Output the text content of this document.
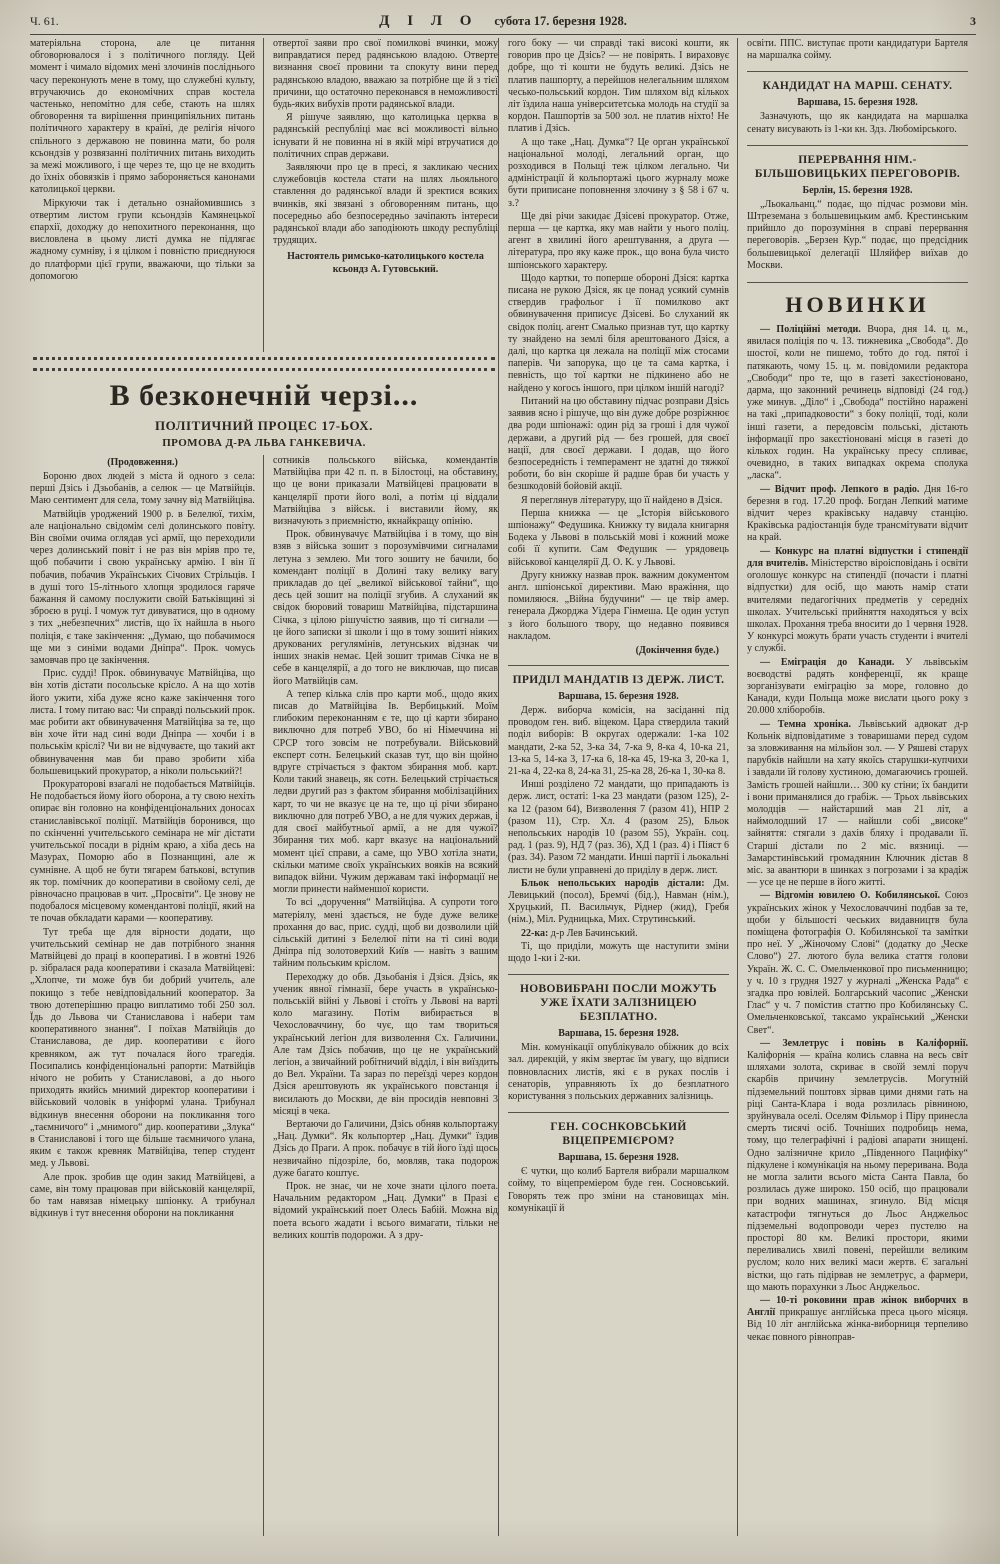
Ч. 61.	Д І Л О субота 17. березня 1928.	3

матеріяльна сторона, але це питання обговорювалося і з політичного погляду. Цей момент і чимало відомих мені злочинів посліднього часу переконують мене в тому, що служебні культу, втручаючись до економічних справ костела частенько, непомітно для себе, стають на шлях обговорення та вирішення принципіяльних питань політичного характеру в країні, де релігія нічого спільного з державою не повинна мати, бо роля ксьондзів у розвязанні політичних питань виходить за межі можливого, і ще через те, що це не входить до їхніх обовязків і прямо забороняється канонами католицької церкви.

Міркуючи так і детально ознайомившись з отвертим листом групи ксьондзів Камянецької єпархії, доходжу до непохитного переконання, що висловлена в цьому листі думка не підлягає жадному сумніву, і я цілком і повністю приєднуюся до платформи цієї групи, вважаючи, що тільки за допомогою

отвертої заяви про свої помилкові вчинки, можу виправдатися перед радянською владою. Отверте визнання своєї провини та спокуту вини перед радянською владою, вважаю за потрібне ще й з тієї причини, що остаточно переконався в неможливості будь-яких вибухів проти радянської влади.

Я рішуче заявляю, що католицька церква в радянській республіці має всі можливості вільно існувати й не повинна ні в якій мірі втручатися до політичних справ держави.

Заявляючи про це в пресі, я закликаю чесних служебовців костела стати на шлях льояльного ставлення до радянської влади й зректися всяких вчинків, які звязані з обговоренням питань, що посередньо або безпосередньо зачіпають інтереси радянської влади або заподіюють шкоду республіці трудящих.

Настоятель римсько-католицького костела ксьондз А. Гутовський.

В безконечній черзі...
ПОЛІТИЧНИЙ ПРОЦЕС 17-ЬОХ.
ПРОМОВА Д-РА ЛЬВА ГАНКЕВИЧА.

(Продовження.)

Бороню двох людей з міста й одного з села: перші Дзісь і Дзьобанів, а селюк — це Матвійців. Маю сентимент для села, тому зачну від Матвійціва.

Матвійців уроджений 1900 р. в Белелюї, тихім, але національно свідомім селі долинського повіту. Він своїми очима оглядав усі армії, що переходили через долинський повіт і не раз він мріяв про те, щоб побачити і свою українську армію. І він її побачив, побачив Українських Січових Стрільців. І в душі того 15-літнього хлопця зродилося гаряче бажання й самому послужити своїй Батьківщині зі зброєю в руці. І чомуж тут дивуватися, що в одному з тих „небезпечних“ листів, що їх найшла в нього поліція, є таке закінчення: „Думаю, що побачимося ще ми з синіми водами Дніпра“. Прок. чомусь замовчав про це закінчення.

Прис. судді! Прок. обвинувачує Матвійціва, що він хотів дістати посольське крісло. А на що хотів його ужити, хіба дуже ясно каже закінчення того листа. І тому питаю вас: Чи справді польський прок. має робити акт обвинувачення Матвійціва за те, що він хоче йти над сині води Дніпра — хочби і в польськім кріслі? Чи ви не відчуваєте, що такий акт обвинувачення мав би право зробити хіба большевицький прокуратор, а ніколи польський?!

Прокураторові взагалі не подобається Матвійців. Не подобається йому його оборона, а ту свою нехіть опирає він головно на конфіденціональних доносах станиславівської поліції. Матвійців боронився, що по скінченні учительського семінара не міг дістати учительської посади в ріднім краю, а хіба десь на Мазурах, Поморю або в Познанщині, але ж сумнівне. А щоб не бути тягарем батькові, вступив як тор. помічник до кооперативи в свойому селі, де рівночасно працював в чит. „Просвіти“. Це знову не подобалося місцевому комендантові поліції, який на те почав обкладати карами — кооперативу.

Тут треба ще для вірности додати, що учительський семінар не дав потрібного знання Матвійцеві до праці в кооперативі. І в жовтні 1926 р. зібралася рада кооперативи і сказала Матвійцеві: „Хлопче, ти може був би добрий учитель, але покищо з тебе невідповідальний кооператор. За твою дотеперішню працю виплатимо тобі 250 зол. Їдь до Львова чи Станиславова і набери там кооперативного знання“. І поїхав Матвійців до Станиславова, де дир. кооперативи є його кревняком, аж тут почалася його трагедія. Посипались конфіденціональні рапорти: Матвійців нічого не робить у Станиславові, а до нього приходять якийсь мнимий директор кооперативи і військовий чоловік в уніформі улана. Трибунал відкинув внесення оборони на покликання того „таємничого“ і „мнимого“ дир. кооперативи „Злука“ в Станиславові і того ще більше таємничого улана, яким є також кревняк Матвійціва, тепер студент мед. у Львові.

Але прок. зробив ще один закид Матвійцеві, а саме, він тому працював при військовій канцелярії, бо там навязав німецьку шпіонку. А трибунал відкинув і тут внесення оборони на покликання

сотників польського війська, комендантів Матвійціва при 42 п. п. в Білостоці, на обставину, що це вони приказали Матвійцеві працювати в канцелярії проти його волі, а потім ці віддали Матвійціва з військ. і виставили йому, як визначують з приємністю, якнайкращу опінію.

Прок. обвинувачує Матвійціва і в тому, що він взяв з війська зошит з порозумівчими сигналами летуна з землею. Ми того зошиту не бачили, бо комендант поліції в Долині таку велику вагу прикладав до цеї „великої військової тайни“, що десь цей зошит на поліції згубив. А слуханий як свідок бюровий товариш Матвійціва, підстаршина Січка, з цілою рішучістю заявив, що ті сигнали — це його записки зі школи і що в тому зошиті ніяких друкованих регулямінів, летунських відзнак чи інших знаків немає. Цей зошит тримав Січка не в себе в канцелярії, а до того не виключав, що писав його Матвійців сам.

А тепер кілька слів про карти моб., щодо яких писав до Матвійціва Ів. Вербицький. Моїм глибоким переконанням є те, що ці карти збирано виключно для потреб УВО, бо ні Німеччина ні СРСР того зовсім не потребували. Військовий експерт сотн. Белецький сказав тут, що він щойно вдруге стрічається з фактом збирання моб. карт. Коли такий знавець, як сотн. Белецький стрічається ледви другий раз з фактом збирання мобілізаційних карт, то чи не вказує це на те, що ці річи збирано виключно для потреб УВО, а не для чужих держав, і для своєї майбутньої армії, а не для чужої? Збирання тих моб. карт вказує на національний момент цієї справи, а саме, що УВО хотіла знати, скільки матиме своїх українських вояків на всякий випадок війни. Чужим державам такі інформації не могли принести найменшої користи.

То всі „доручення“ Матвійціва. А супроти того матеріялу, мені здається, не буде дуже велике прохання до вас, прис. судді, щоб ви дозволили цій сільській дитині з Белелюї піти на ті сині води Дніпра під золотоверхий Київ — навіть з вашим тайним польським кріслом.

Переходжу до обв. Дзьобанія і Дзіся. Дзісь, як ученик явної гімназії, бере участь в українсько-польській війні у Львові і стоїть у Львові на варті коло магазину. Потім вибирається в Чехословаччину, бо чує, що там твориться український легіон для визволення Сх. Галичини. Але там Дзісь побачив, що це не український легіон, а звичайний робітничий відділ, і він виїздить до Вел. України. Та зараз по переїзді через кордон Дзіся арештовують як українського повстанця і висилають до Москви, де він просидів невповні 3 місяці в чека.

Вертаючи до Галичини, Дзісь обняв кольпортажу „Нац. Думки“. Як кольпортер „Нац. Думки“ їздив Дзісь до Праги. А прок. побачує в тій його їзді щось незвичайно підозріле, бо, мовляв, така подорож дуже багато коштує.

Прок. не знає, чи не хоче знати цілого поета. Начальним редактором „Нац. Думки“ в Празі є відомий український поет Олесь Бабій. Можна від поета всього жадати і всього вимагати, тільки не великих коштів подорожи. А з дру-

гого боку — чи справді такі високі кошти, як говорив про це Дзісь? — не повірять. І вираховує добре, що ті кошти не будуть великі. Дзісь не платив пашпорту, а перейшов нелегальним шляхом чесько-польський кордон. Тим шляхом від кількох літ їздила наша університетська молодь на студії за кордон. Пашпортів за 500 зол. не платив ніхто! Не платив і Дзісь.

А що таке „Нац. Думка“? Це орган української національної молоді, легальний орган, що розходився в Польщі теж цілком легально. Чи адміністрації й кольпортажі цього журналу може бути приписане поповнення злочину з § 58 і 67 ч. з.?

Ще дві річи закидає Дзісеві прокуратор. Отже, перша — це картка, яку мав найти у нього поліц. агент в хвилині його арештування, а друга — література, про яку каже прок., що вона була чисто шпіонського характеру.

Щодо картки, то поперше обороні Дзіся: картка писана не рукою Дзіся, як це понад усякий сумнів ствердив графольог і її помилково акт обвинувачення приписує Дзісеві. Бо слуханий як свідок поліц. агент Смалько признав тут, що картку ту знайдено на землі біля арештованого Дзіся, а далі, що картка ця лежала на поліції між стосами паперів. Чи запорука, що це та сама картка, і певність, що тої картки не підкинено або не найдено у когось іншого, при цілком іншій нагоді?

Питаний на цю обставину підчас розправи Дзісь заявив ясно і рішуче, що він дуже добре розріжнює два роди шпіонажі: один рід за гроші і для чужої держави, а другий рід — без грошей, для своєї нації, для своєї держави. І додав, що його безпосередність і темперамент не здатні до тяжкої роботи, бо він скоріше й радше брав би участь у безшкодовій бойовій акції.

Я переглянув літературу, що її найдено в Дзіся.

Перша книжка — це „Історія військового шпіонажу“ Федушика. Книжку ту видала книгарня Бодека у Львові в польській мові і кожний може собі її купити. Сам Федушик — урядовець військової канцелярії Д. О. К. у Львові.

Другу книжку назвав прок. важним документом англ. шпіонської директиви. Маю вражіння, що помиляюся. „Війна будучини“ — це твір амер. генерала Джорджа Уідера Гінмеша. Це один уступ з його большого твору, що недавно появився накладом.

(Докінчення буде.)

ПРИДІЛ МАНДАТІВ ІЗ ДЕРЖ. ЛИСТ.

Варшава, 15. березня 1928.

Держ. виборча комісія, на засіданні під проводом ген. виб. віцеком. Цара ствердила такий поділ виборів: В округах одержали: 1-ка 102 мандати, 2-ка 52, 3-ка 34, 7-ка 9, 8-ка 4, 10-ка 21, 13-ка 5, 14-ка 3, 17-ка 6, 18-ка 45, 19-ка 3, 20-ка 1, 21-ка 4, 22-ка 8, 24-ка 31, 25-ка 28, 26-ка 1, 30-ка 8.

Инші розділено 72 мандати, що припадають із держ. лист, остаті: 1-ка 23 мандати (разом 125), 2-ка 12 (разом 64), Визволення 7 (разом 41), НПР 2 (разом 11), Стр. Хл. 4 (разом 25), Бльок непольських народів 10 (разом 55), Україн. соц. рад. 1 (раз. 9), НД 7 (раз. 36), ХД 1 (раз. 4) і Піяст 6 (раз. 34). Разом 72 мандати. Инші партії і льокальні листи не були управнені до приділу в держ. лист.

Бльок непольських народів дістали: Дм. Левицький (посол), Бремчі (бід.), Навман (нім.), Хруцький, П. Васильчук, Ріднер (жид), Гребя (нім.), Міл. Рудницька, Мих. Струтинський.

22-ка: д-р Лев Бачинський.

Ті, що приділи, можуть ще наступити зміни щодо 1-ки і 2-ки.

НОВОВИБРАНІ ПОСЛИ МОЖУТЬ УЖЕ ЇХАТИ ЗАЛІЗНИЦЕЮ БЕЗПЛАТНО.

Варшава, 15. березня 1928.

Мін. комунікації опублікувало обіжник до всіх зал. дирекцій, у якім звертає їм увагу, що відписи повновласних листів, які є в руках послів і сенаторів, управняють їх до безплатного користування з польських державних залізниць.

ГЕН. СОСНКОВСЬКИЙ ВІЦЕПРЕМІЄРОМ?

Варшава, 15. березня 1928.

Є чутки, що колиб Бартеля вибрали маршалком сойму, то віцепреміером буде ген. Сосновський. Говорять теж про зміни на становищах мін. комунікації й

освіти. ППС. виступає проти кандидатури Бартеля на маршалка сойму.

КАНДИДАТ НА МАРШ. СЕНАТУ.

Варшава, 15. березня 1928.

Зазначують, що як кандидата на маршалка сенату висувають із 1-ки кн. Здз. Любомірського.

ПЕРЕРВАННЯ НІМ.-БІЛЬШОВИЦЬКИХ ПЕРЕГОВОРІВ.

Берлін, 15. березня 1928.

„Льокальанц.“ подає, що підчас розмови мін. Штреземана з большевицьким амб. Крестинським прийшло до порозуміння в справі перервання переговорів. „Берзен Кур.“ подає, що предсідник большевицької делегації Шляйфер виїхав до Москви.

НОВИНКИ

— Поліційні методи. Вчора, дня 14. ц. м., явилася поліція по ч. 13. тижневика „Свобода“. До шостої, коли не пишемо, тобто до год. пятої і патякають, чому 15. ц. м. повідомили редактора „Свободи“ про те, що в газеті закєстіоновано, дарма, що законний речинець відповіді (24 год.) уже минув. „Діло“ і „Свобода“ постійно наражені на такі „припадковости“ з боку поліції, тоді, коли інші газети, а передовсім польські, дістають інформації про закєстіоновані місця в газеті до кількох годин. На українську пресу спливає, очевидно, в таких випадках окрема сполука „ласка“.

— Відчит проф. Лепкого в радіо. Дня 16-го березня в год. 17.20 проф. Богдан Лепкий матиме відчит через краківську надавчу станцію. Краківська радіостанція буде трансмітувати відчит на край.

— Конкурс на платні відпустки і стипендії для вчителів. Міністерство віроісповідань і освіти оголошує конкурс на стипендії (почасти і платні відпустки) для осіб, що мають намір стати вчителями педагогічних предметів у середніх школах. Учительські прийняття находяться у всіх школах. Прохання треба вносити до 1 червня 1928. У конкурсі можуть брати участь студенти і вчителі у службі.

— Еміграція до Канади. У львівськім воєводстві радять конференції, як краще зорганізувати еміграцію за море, головно до Канади, куди Польща може вислати цього року з 20.000 хліборобів.

— Темна хроніка. Львівський адвокат д-р Кольнік відповідатиме з товаришами перед судом за зловживання на мільйон зол. — У Ряшеві старух парубків найшли на хату якоїсь старушки-купчихи і завдали їй голову хустиною, домагаючись грошей. Замість грошей найшли… 300 ку стіни; їх бандити і вони приманялися до грабіж. — Трьох львівських молодців — найстарший мав 21 літ, а наймолодший 17 — найшли собі „високе“ зайняття: стягали з дахів бляху і продавали її. Старші дістали по 2 міс. вязниці. — Замарстинівський громадянин Ключник дістав 8 міс. за авантюри в шинках з погрозами і за крадіж — усе це не перше в його житті.

— Відгомін ювилею О. Кобилянської. Союз українських жінок у Чехословаччині подбав за те, щоби у більшості чеських видавництв була поміщена фотографія О. Кобилянської та замітки про неї. У „Жіночому Слові“ (додатку до „Ческе Слово“) 27. лютого була велика стаття голови Україн. Ж. С. С. Омельченкової про письменницю; у ч. 10 з грудня 1927 у журналі „Женска Рада“ є згадка про ювілей. Болгарський часопис „Женски Глас“ у ч. 7 помістив статтю про Кобилянську С. Омельченковської, таксамо український „Женски Свет“.

— Землетрус і повінь в Каліфорнії. Каліфорнія — країна колись славна на весь світ шляхами золота, скриває в своїй землі поруч скарбів причину землетрусів. Могутній підземельний поштовх зірвав цими днями гать на ріці Санта-Клара і вода розлилась рівниною, зруйнувала оселі. Оселям Фільмор і Піру принесла смерть тисячі осіб. Точніших подробиць нема, тому, що телеграфічні і радіові апарати знищені. Одно залізничне крило „Південного Пацифіку“ підкулене і комунікація на ньому переривана. Вода не могла залити всього міста Санта Павла, бо розлилась дуже широко. 150 осіб, що працювали при водних машинах, згинуло. Від місця катастрофи тягнуться до Льос Анджельос підземельні водопроводи через пустелю на просторі 80 км. Великі простори, якими переливались хвилі повені, перейшли великим руслом; коло них великі маси жертв. Є загальні вістки, що гать підірвав не землетрус, а фармери, що мають порахунки з Льос Анджельос.

— 10-ті роковини прав жінок виборчих в Англії прикрашує англійська преса цього місяця. Від 10 літ англійська жінка-виборниця терпеливо чекає повного рівноправ-
